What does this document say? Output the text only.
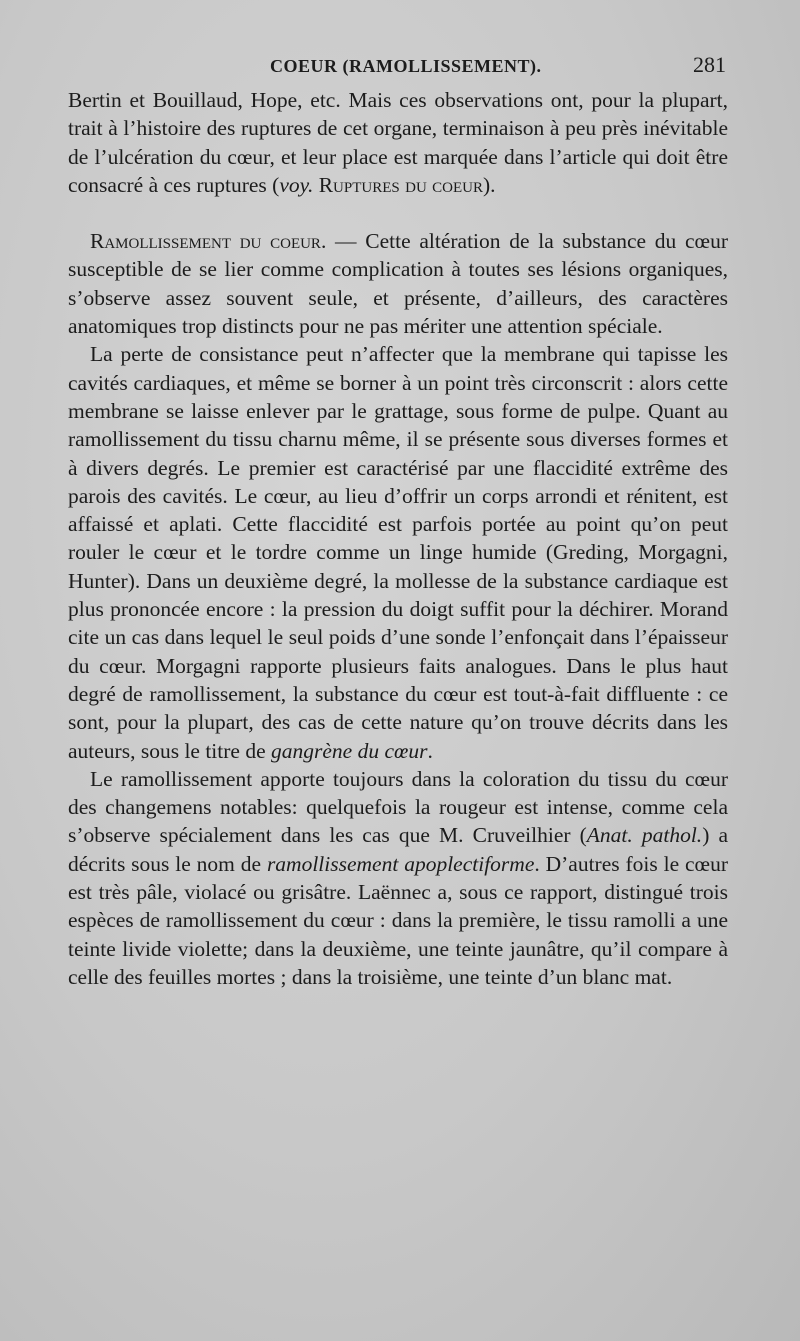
COEUR (RAMOLLISSEMENT).	281

Bertin et Bouillaud, Hope, etc. Mais ces observations ont, pour la plupart, trait à l’histoire des ruptures de cet organe, terminaison à peu près inévitable de l’ulcération du cœur, et leur place est marquée dans l’article qui doit être consacré à ces ruptures (voy. Ruptures du coeur).

Ramollissement du coeur. — Cette altération de la substance du cœur susceptible de se lier comme complication à toutes ses lésions organiques, s’observe assez souvent seule, et présente, d’ailleurs, des caractères anatomiques trop distincts pour ne pas mériter une attention spéciale.

La perte de consistance peut n’affecter que la membrane qui tapisse les cavités cardiaques, et même se borner à un point très circonscrit : alors cette membrane se laisse enlever par le grattage, sous forme de pulpe. Quant au ramollissement du tissu charnu même, il se présente sous diverses formes et à divers degrés. Le premier est caractérisé par une flaccidité extrême des parois des cavités. Le cœur, au lieu d’offrir un corps arrondi et rénitent, est affaissé et aplati. Cette flaccidité est parfois portée au point qu’on peut rouler le cœur et le tordre comme un linge humide (Greding, Morgagni, Hunter). Dans un deuxième degré, la mollesse de la substance cardiaque est plus prononcée encore : la pression du doigt suffit pour la déchirer. Morand cite un cas dans lequel le seul poids d’une sonde l’enfonçait dans l’épaisseur du cœur. Morgagni rapporte plusieurs faits analogues. Dans le plus haut degré de ramollissement, la substance du cœur est tout-à-fait diffluente : ce sont, pour la plupart, des cas de cette nature qu’on trouve décrits dans les auteurs, sous le titre de gangrène du cœur.

Le ramollissement apporte toujours dans la coloration du tissu du cœur des changemens notables: quelquefois la rougeur est intense, comme cela s’observe spécialement dans les cas que M. Cruveilhier (Anat. pathol.) a décrits sous le nom de ramollissement apoplectiforme. D’autres fois le cœur est très pâle, violacé ou grisâtre. Laënnec a, sous ce rapport, distingué trois espèces de ramollissement du cœur : dans la première, le tissu ramolli a une teinte livide violette; dans la deuxième, une teinte jaunâtre, qu’il compare à celle des feuilles mortes ; dans la troisième, une teinte d’un blanc mat.
